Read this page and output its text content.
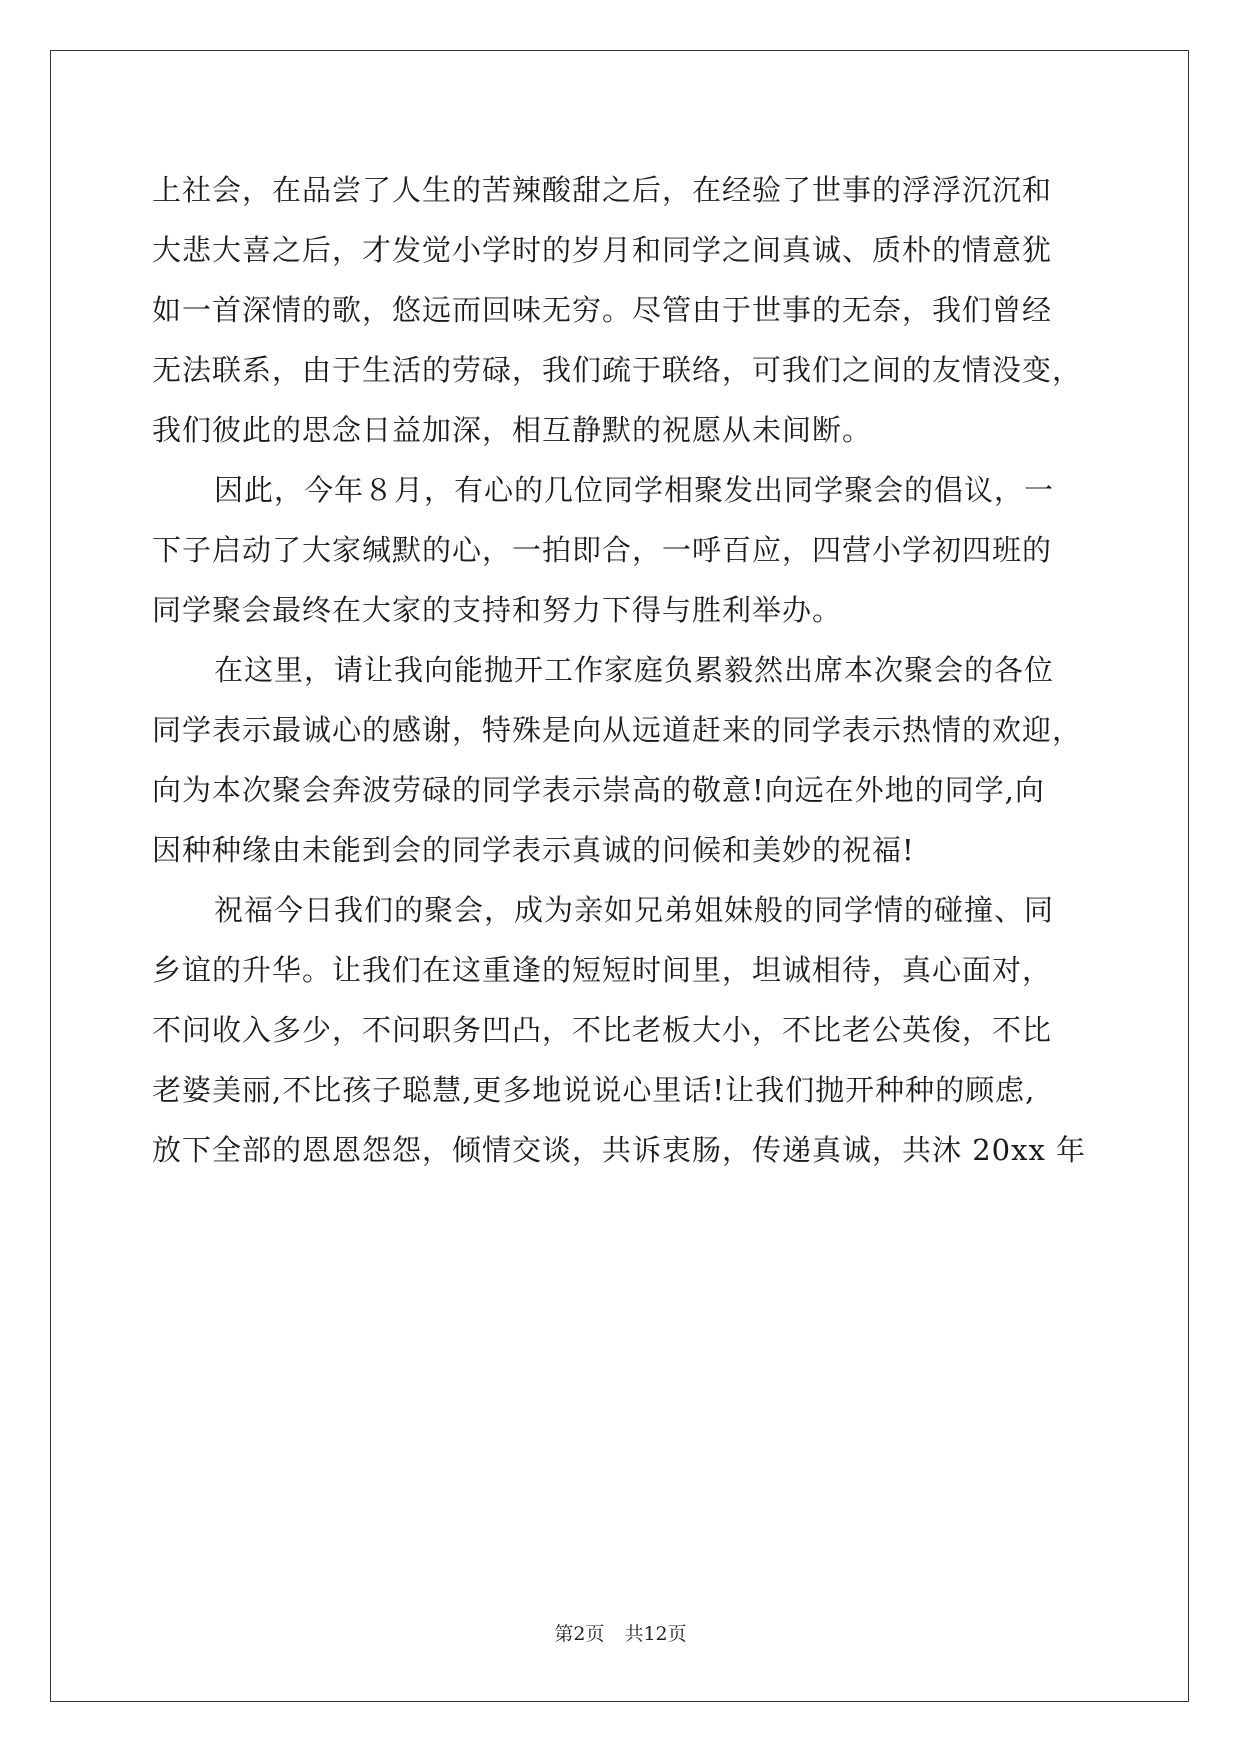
上社会，在品尝了人生的苦辣酸甜之后，在经验了世事的浮浮沉沉和
大悲大喜之后，才发觉小学时的岁月和同学之间真诚、质朴的情意犹
如一首深情的歌，悠远而回味无穷。尽管由于世事的无奈，我们曾经
无法联系，由于生活的劳碌，我们疏于联络，可我们之间的友情没变，
我们彼此的思念日益加深，相互静默的祝愿从未间断。
因此，今年８月，有心的几位同学相聚发出同学聚会的倡议，一
下子启动了大家缄默的心，一拍即合，一呼百应，四营小学初四班的
同学聚会最终在大家的支持和努力下得与胜利举办。
在这里，请让我向能抛开工作家庭负累毅然出席本次聚会的各位
同学表示最诚心的感谢，特殊是向从远道赶来的同学表示热情的欢迎，
向为本次聚会奔波劳碌的同学表示崇高的敬意!向远在外地的同学,向
因种种缘由未能到会的同学表示真诚的问候和美妙的祝福!
祝福今日我们的聚会，成为亲如兄弟姐妹般的同学情的碰撞、同
乡谊的升华。让我们在这重逢的短短时间里，坦诚相待，真心面对，
不问收入多少，不问职务凹凸，不比老板大小，不比老公英俊，不比
老婆美丽,不比孩子聪慧,更多地说说心里话!让我们抛开种种的顾虑,
放下全部的恩恩怨怨，倾情交谈，共诉衷肠，传递真诚，共沐 20xx 年
第2页 共12页
